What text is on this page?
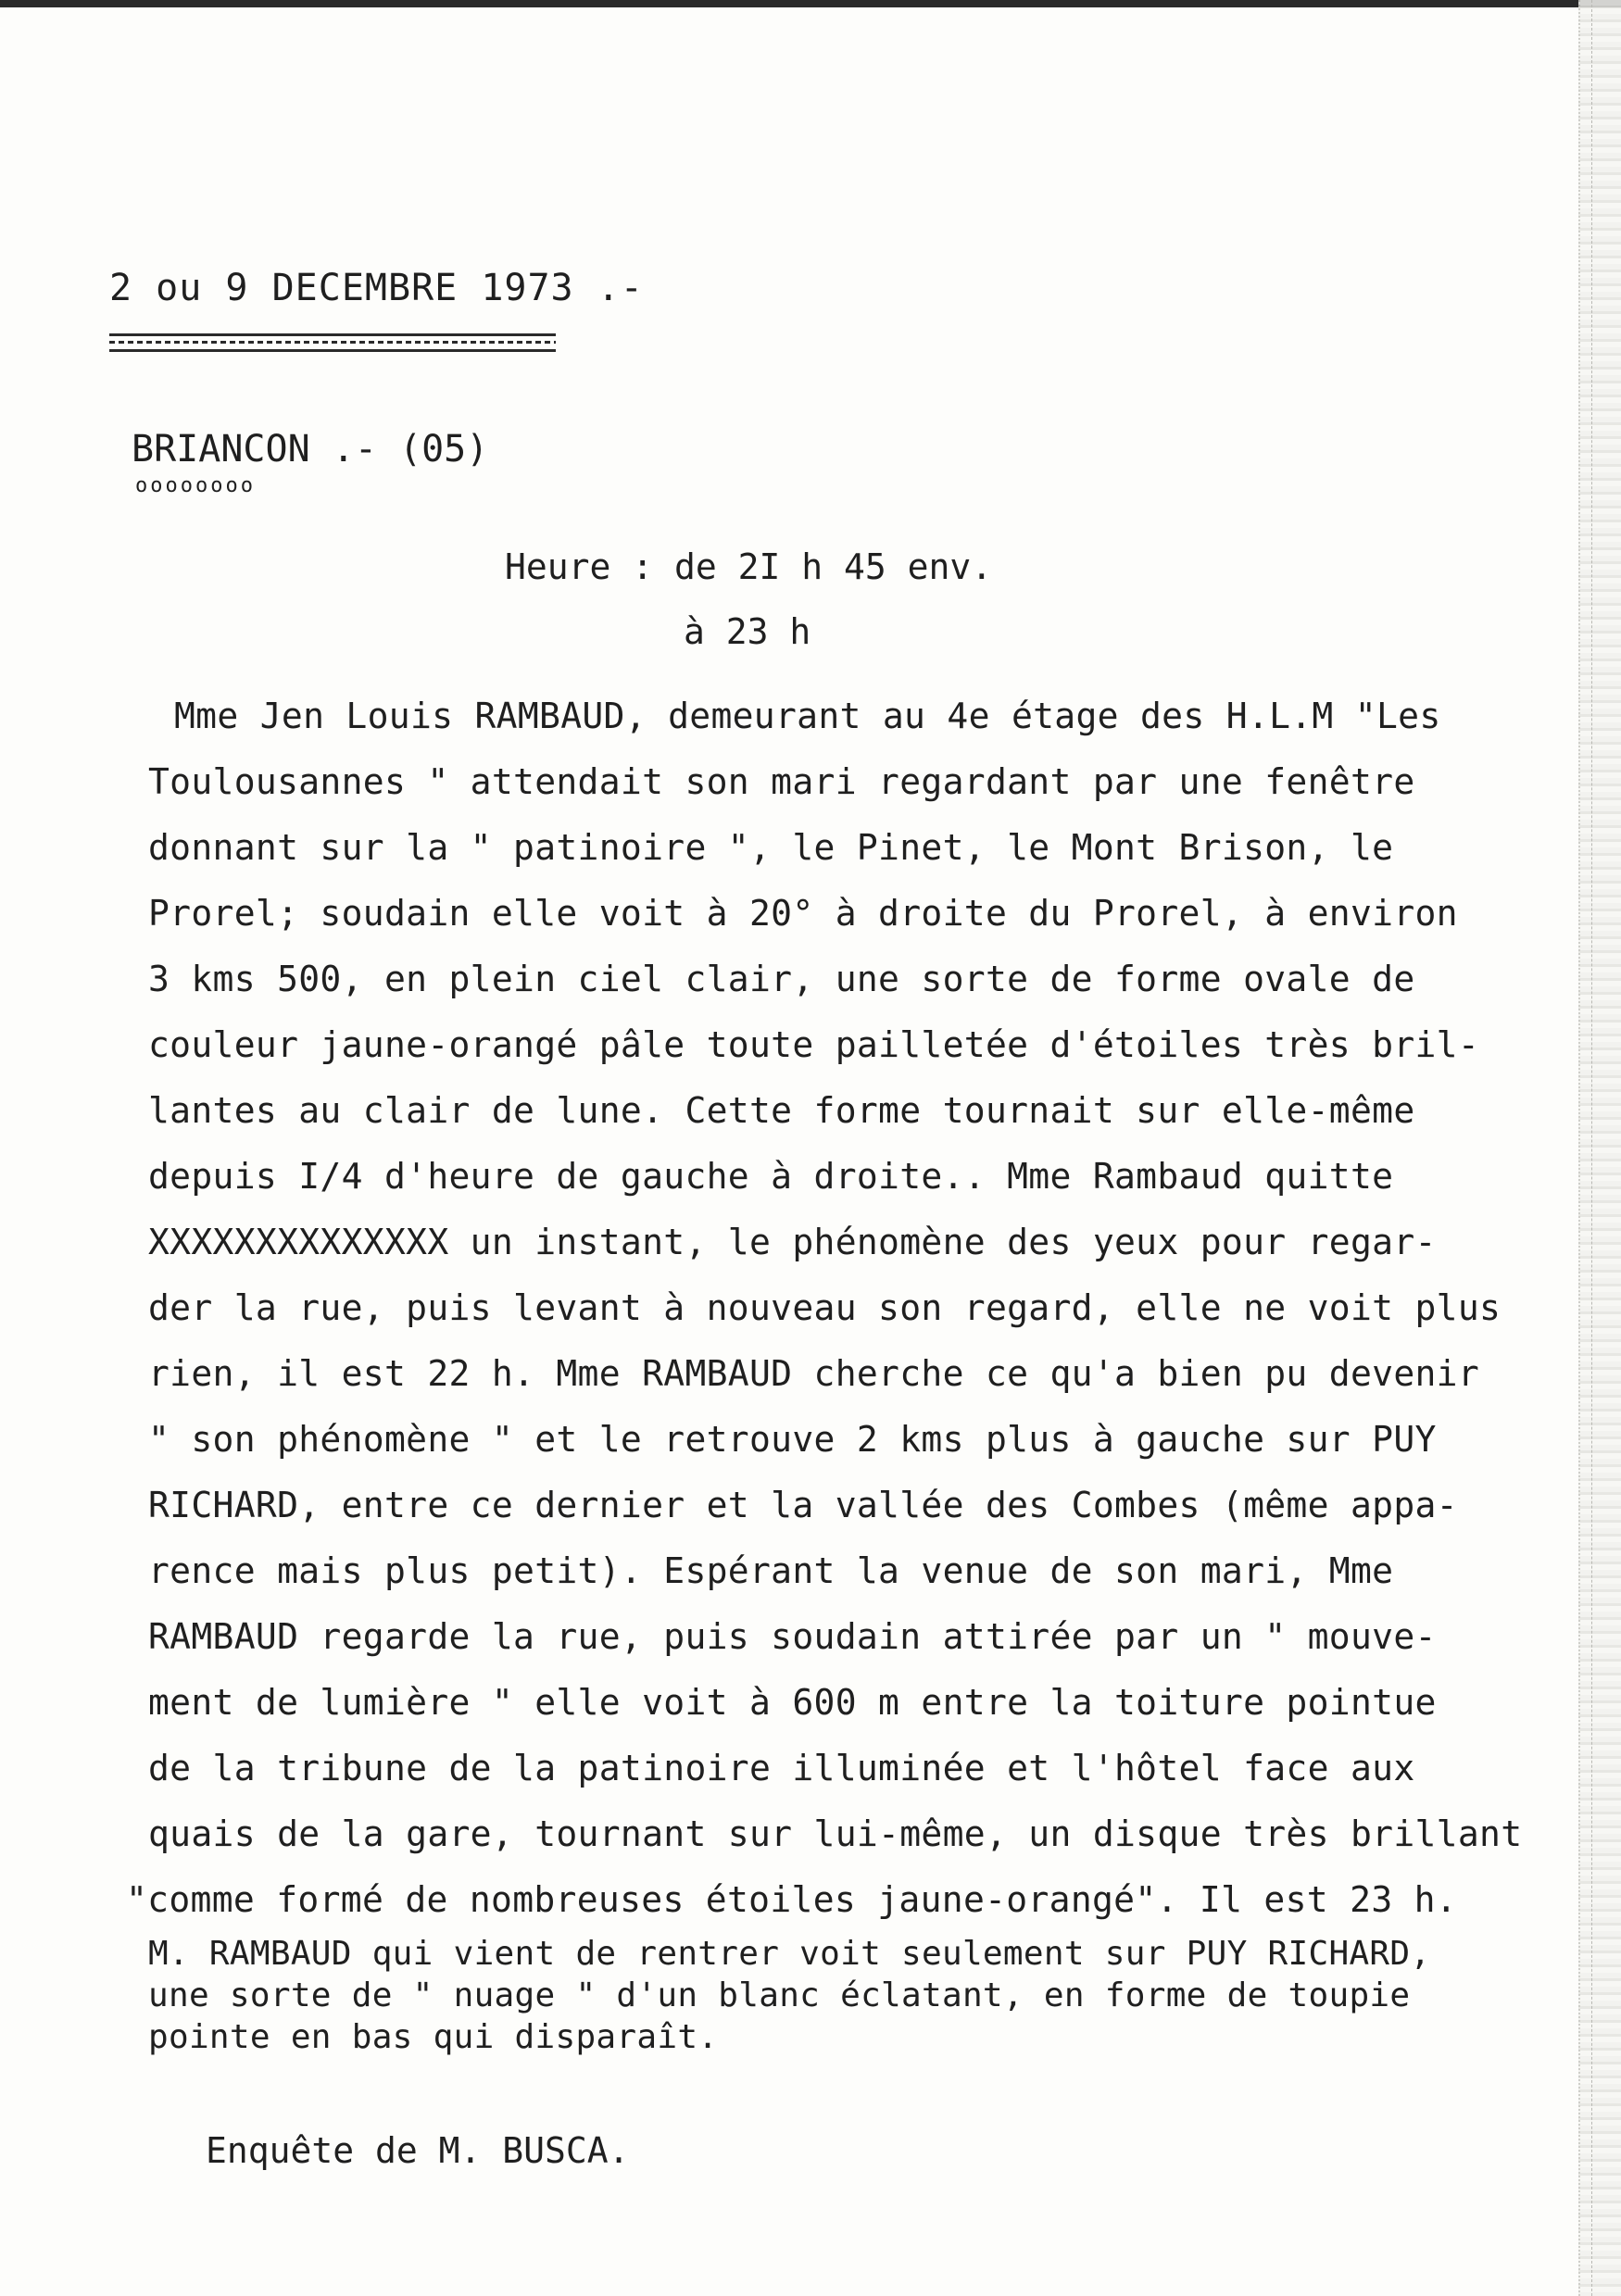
2 ou 9 DECEMBRE 1973 .-
BRIANCON .- (05)
oooooooo
Heure : de 2I h 45 env.
à 23 h
Mme Jen Louis RAMBAUD, demeurant au 4e étage des H.L.M "Les
Toulousannes " attendait son mari regardant par une fenêtre
donnant sur la " patinoire ", le Pinet, le Mont Brison, le
Prorel; soudain elle voit à 20° à droite du Prorel, à environ
3 kms 500, en plein ciel clair, une sorte de forme ovale de
couleur jaune-orangé pâle toute pailletée d'étoiles très bril-
lantes au clair de lune. Cette forme tournait sur elle-même
depuis I/4 d'heure de gauche à droite.. Mme Rambaud quitte
XXXXXXXXXXXXXX un instant, le phénomène des yeux pour regar-
der la rue, puis levant à nouveau son regard, elle ne voit plus
rien, il est 22 h. Mme RAMBAUD cherche ce qu'a bien pu devenir
" son phénomène " et le retrouve 2 kms plus à gauche sur PUY
RICHARD, entre ce dernier et la vallée des Combes (même appa-
rence mais plus petit). Espérant la venue de son mari, Mme
RAMBAUD regarde la rue, puis soudain attirée par un " mouve-
ment de lumière " elle voit à 600 m entre la toiture pointue
de la tribune de la patinoire illuminée et l'hôtel face aux
quais de la gare, tournant sur lui-même, un disque très brillant
"comme formé de nombreuses étoiles jaune-orangé". Il est 23 h.
M. RAMBAUD qui vient de rentrer voit seulement sur PUY RICHARD,
une sorte de " nuage " d'un blanc éclatant, en forme de toupie
pointe en bas qui disparaît.
Enquête de M. BUSCA.
